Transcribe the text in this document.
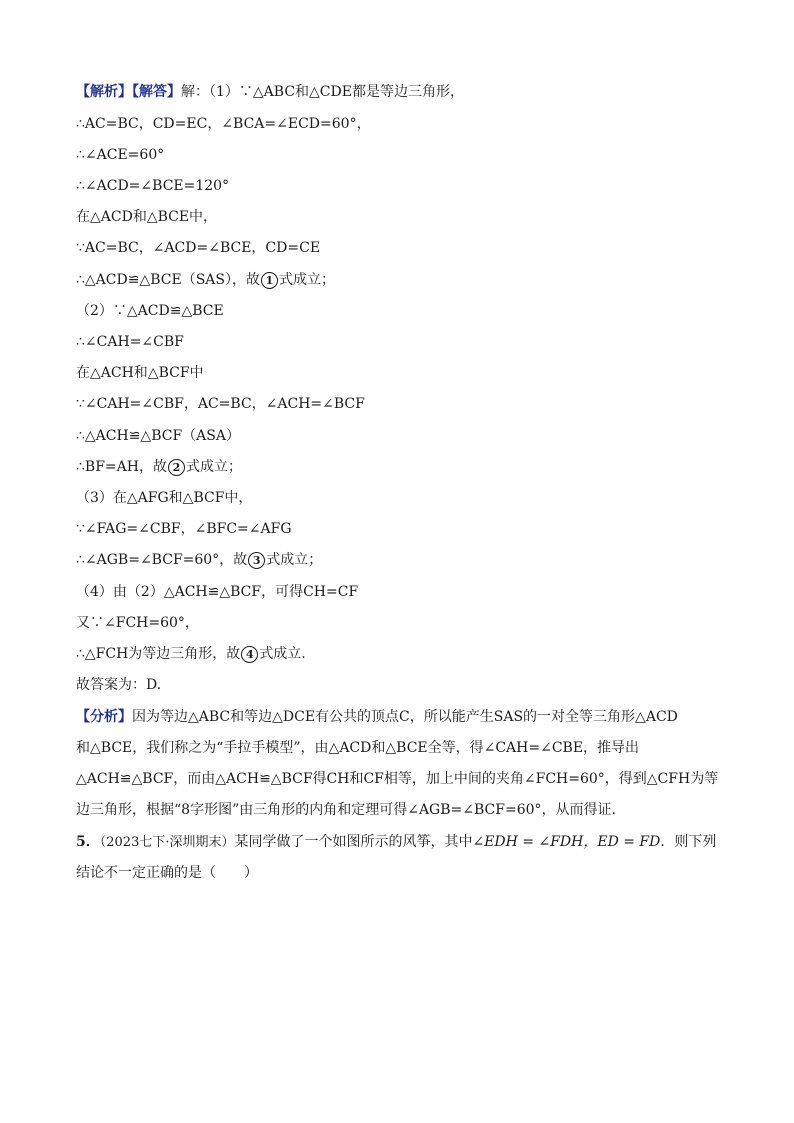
【解析】【解答】解：（1）∵△ABC和△CDE都是等边三角形，
∴AC=BC，CD=EC，∠BCA=∠ECD=60°，
∴∠ACE=60°
∴∠ACD=∠BCE=120°
在△ACD和△BCE中，
∵AC=BC，∠ACD=∠BCE，CD=CE
∴△ACD≌△BCE（SAS），故 1 式成立；
（2）∵△ACD≌△BCE
∴∠CAH=∠CBF
在△ACH和△BCF中
∵∠CAH=∠CBF，AC=BC，∠ACH=∠BCF
∴△ACH≌△BCF（ASA）
∴BF=AH，故 2 式成立；
（3）在△AFG和△BCF中，
∵∠FAG=∠CBF，∠BFC=∠AFG
∴∠AGB=∠BCF=60°，故 3 式成立；
（4）由（2）△ACH≌△BCF，可得CH=CF
又∵∠FCH=60°，
∴△FCH为等边三角形，故 4 式成立.
故答案为：D.
【分析】因为等边△ABC和等边△DCE有公共的顶点C，所以能产生SAS的一对全等三角形△ACD
和△BCE，我们称之为“手拉手模型”，由△ACD和△BCE全等，得∠CAH=∠CBE，推导出
△ACH≌△BCF，而由△ACH≌△BCF得CH和CF相等，加上中间的夹角∠FCH=60°，得到△CFH为等
边三角形，根据“8字形图”由三角形的内角和定理可得∠AGB=∠BCF=60°，从而得证.
5．（2023七下·深圳期末）某同学做了一个如图所示的风筝，其中∠EDH = ∠FDH，ED = FD．则下列
结论不一定正确的是（　　）
